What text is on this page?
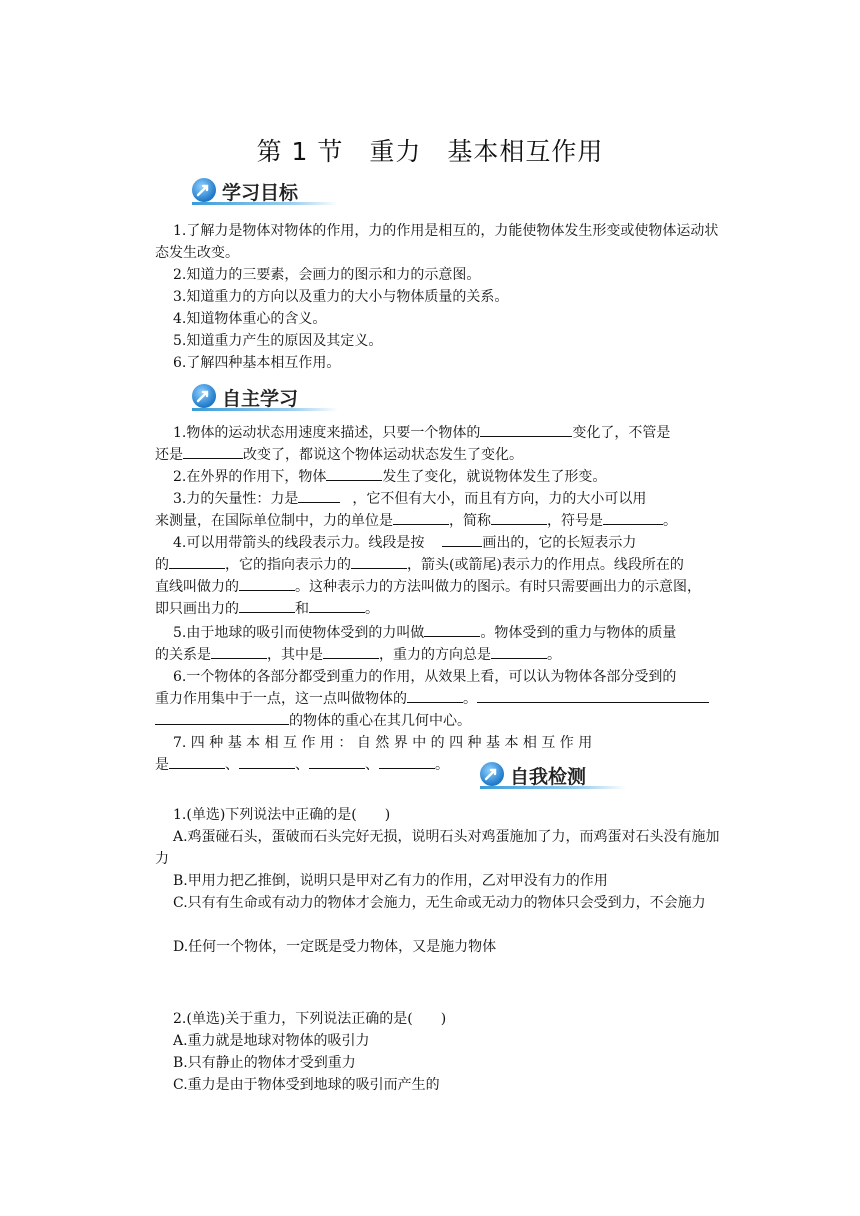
第 1 节　重力　基本相互作用
学习目标

1.了解力是物体对物体的作用，力的作用是相互的，力能使物体发生形变或使物体运动状态发生改变。

2.知道力的三要素，会画力的图示和力的示意图。

3.知道重力的方向以及重力的大小与物体质量的关系。

4.知道物体重心的含义。

5.知道重力产生的原因及其定义。

6.了解四种基本相互作用。

自主学习

1.物体的运动状态用速度来描述，只要一个物体的	变化了，不管是
还是	改变了，都说这个物体运动状态发生了变化。

2.在外界的作用下，物体	发生了变化，就说物体发生了形变。

3.力的矢量性：力是	，它不但有大小，而且有方向，力的大小可以用
来测量，在国际单位制中，力的单位是	，简称	，符号是	。

4.可以用带箭头的线段表示力。线段是按	画出的，它的长短表示力
的	，它的指向表示力的	，箭头(或箭尾)表示力的作用点。线段所在的
直线叫做力的	。这种表示力的方法叫做力的图示。有时只需要画出力的示意图，
即只画出力的	和	。

5.由于地球的吸引而使物体受到的力叫做	。物体受到的重力与物体的质量
的关系是	，其中是	，重力的方向总是	。

6.一个物体的各部分都受到重力的作用，从效果上看，可以认为物体各部分受到的
重力作用集中于一点，这一点叫做物体的	。
的物体的重心在其几何中心。

7. 四 种 基 本 相 互 作 用 ： 自 然 界 中 的 四 种 基 本 相 互 作 用
是	、	、	、	。

自我检测

1.(单选)下列说法中正确的是(　　)

A.鸡蛋碰石头，蛋破而石头完好无损，说明石头对鸡蛋施加了力，而鸡蛋对石头没有施加力

B.甲用力把乙推倒，说明只是甲对乙有力的作用，乙对甲没有力的作用

C.只有有生命或有动力的物体才会施力，无生命或无动力的物体只会受到力，不会施力

D.任何一个物体，一定既是受力物体，又是施力物体

2.(单选)关于重力，下列说法正确的是(　　)

A.重力就是地球对物体的吸引力

B.只有静止的物体才受到重力

C.重力是由于物体受到地球的吸引而产生的
